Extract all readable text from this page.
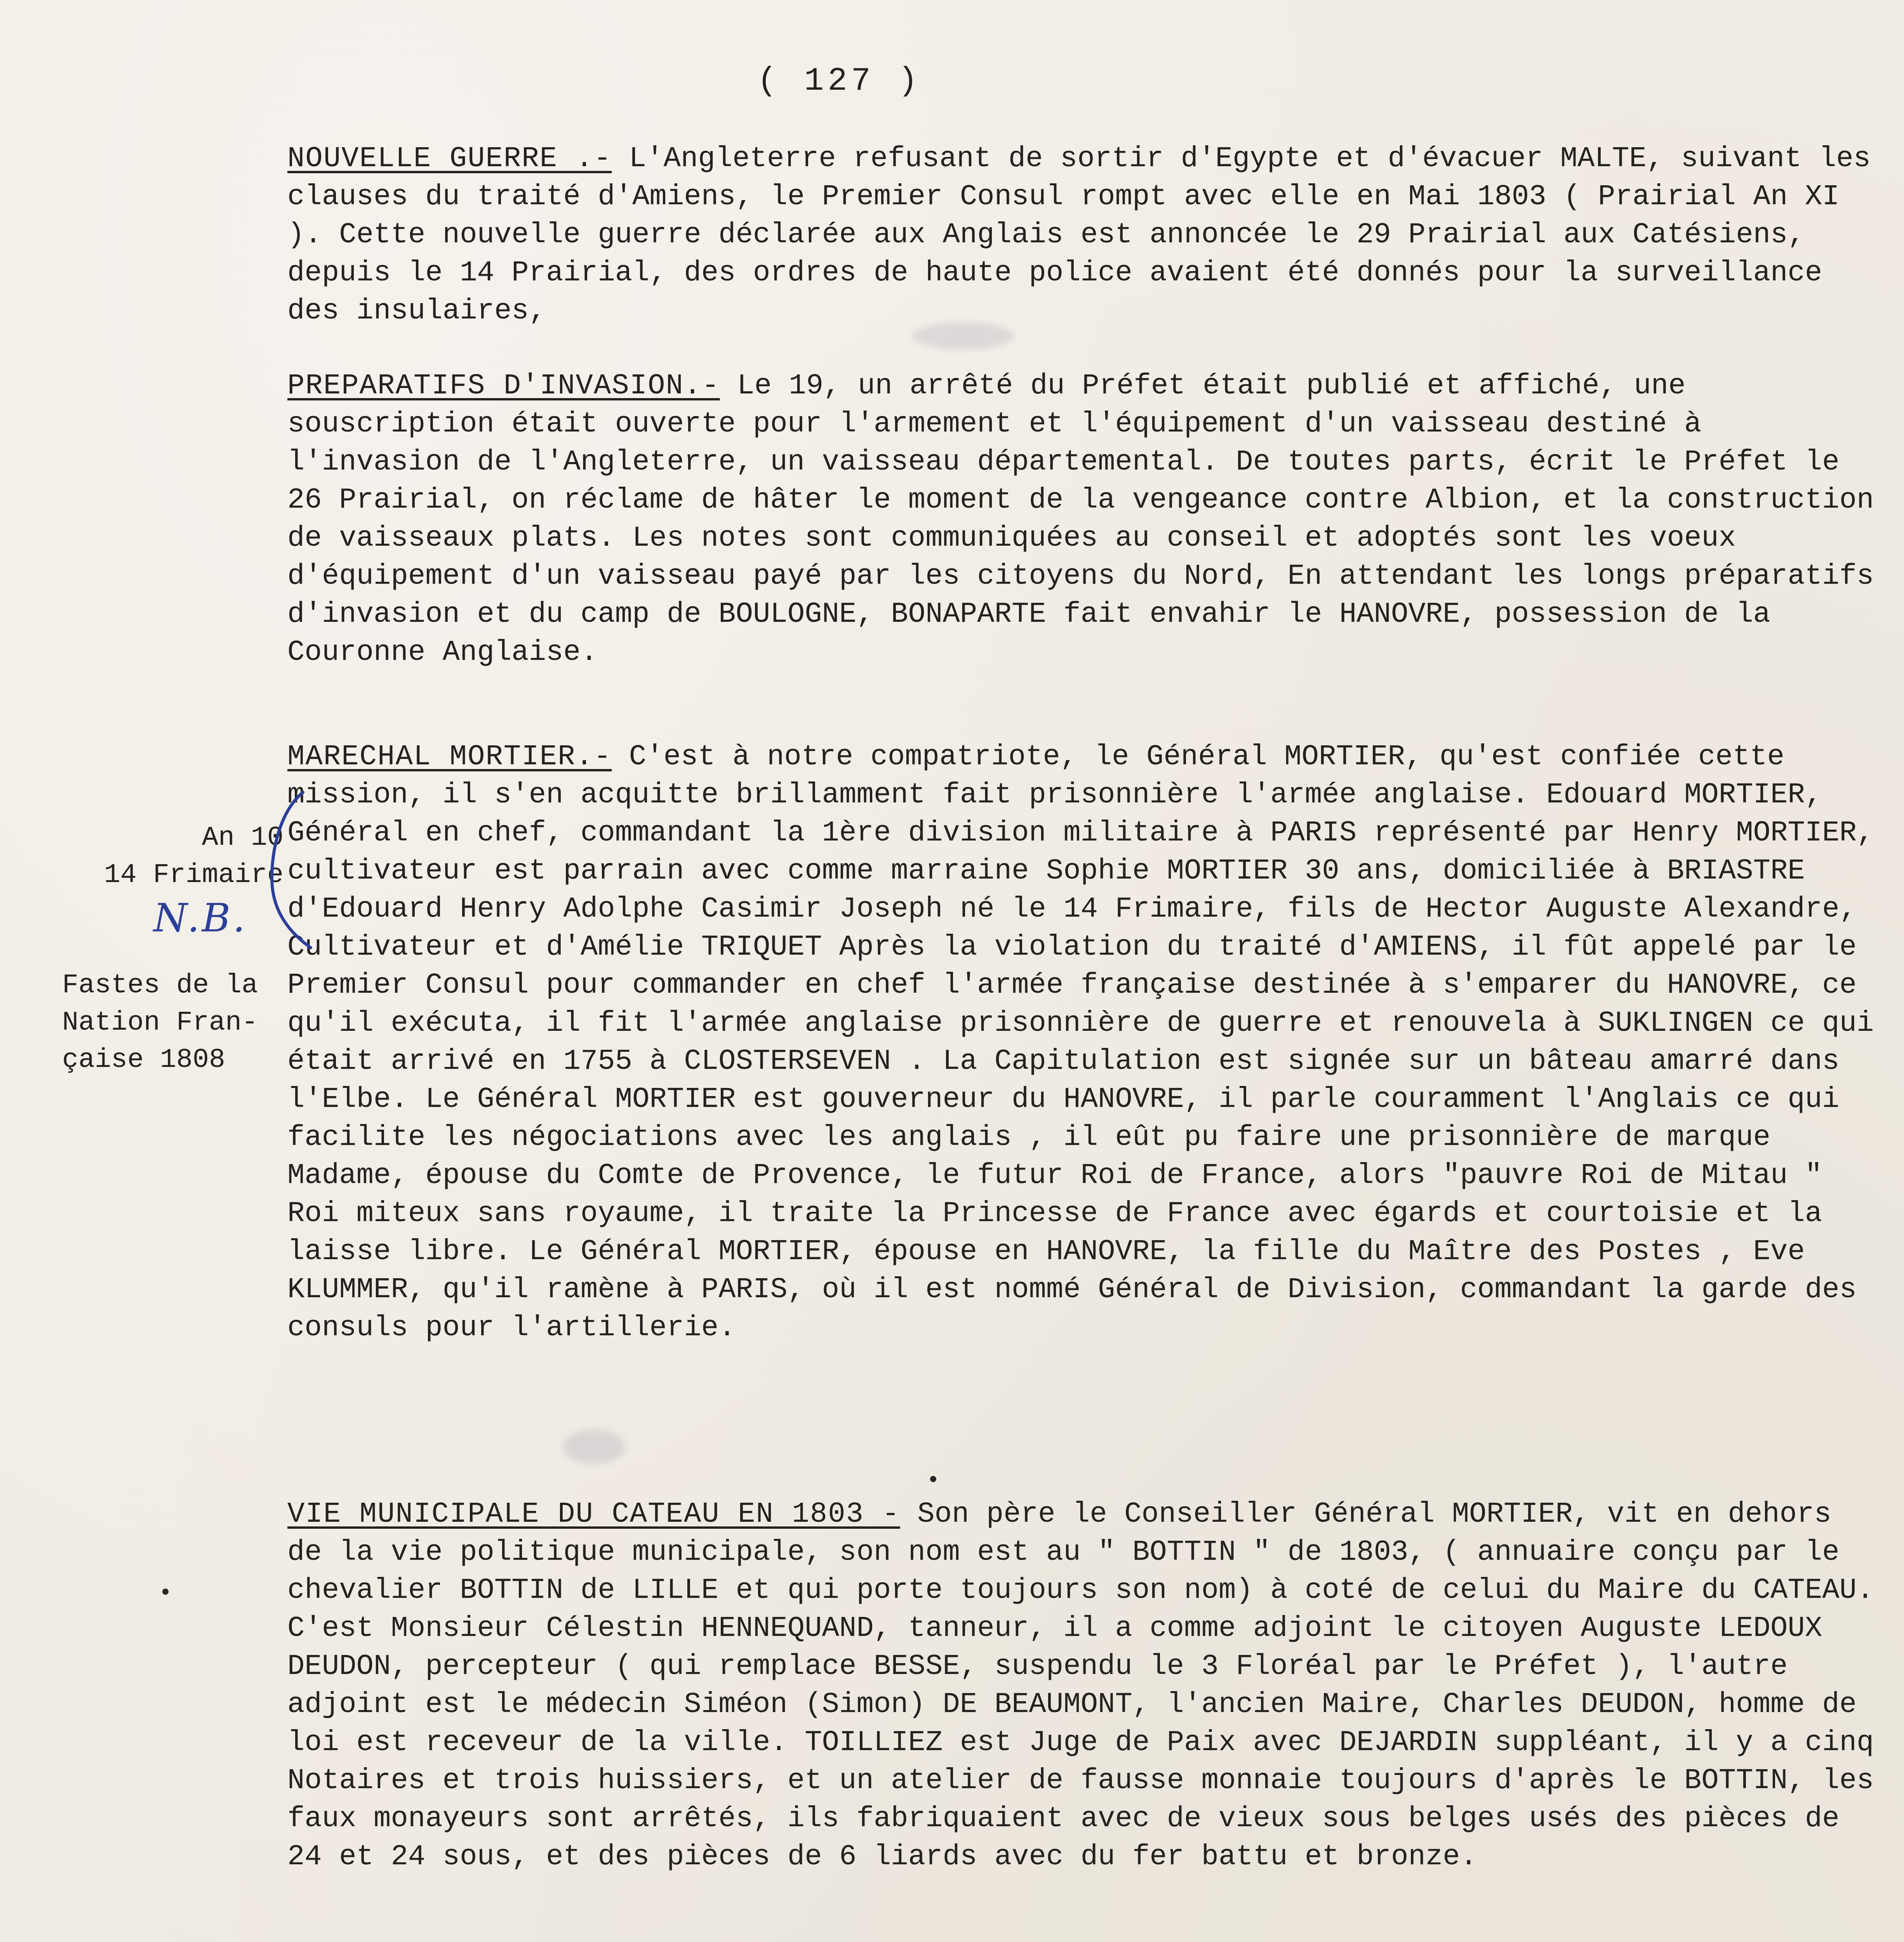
( 127 )
NOUVELLE GUERRE .- L'Angleterre refusant de sortir d'Egypte et d'évacuer MALTE, suivant les clauses du traité d'Amiens, le Premier Consul rompt avec elle en Mai 1803 ( Prairial An XI ). Cette nouvelle guerre déclarée aux Anglais est annoncée le 29 Prairial aux Catésiens, depuis le 14 Prairial, des ordres de haute police avaient été donnés pour la surveillance des insulaires,
PREPARATIFS D'INVASION.- Le 19, un arrêté du Préfet était publié et affiché, une souscription était ouverte pour l'armement et l'équipement d'un vaisseau destiné à l'invasion de l'Angleterre, un vaisseau départemental. De toutes parts, écrit le Préfet le 26 Prairial, on réclame de hâter le moment de la vengeance contre Albion, et la construction de vaisseaux plats. Les notes sont communiquées au conseil et adoptés sont les voeux d'équipement d'un vaisseau payé par les citoyens du Nord, En attendant les longs préparatifs d'invasion et du camp de BOULOGNE, BONAPARTE fait envahir le HANOVRE, possession de la Couronne Anglaise.
MARECHAL MORTIER.- C'est à notre compatriote, le Général MORTIER, qu'est confiée cette mission, il s'en acquitte brillamment fait prisonnière l'armée anglaise. Edouard MORTIER, Général en chef, commandant la 1ère division militaire à PARIS représenté par Henry MORTIER, cultivateur est parrain avec comme marraine Sophie MORTIER 30 ans, domiciliée à BRIASTRE d'Edouard Henry Adolphe Casimir Joseph né le 14 Frimaire, fils de Hector Auguste Alexandre, Cultivateur et d'Amélie TRIQUET Après la violation du traité d'AMIENS, il fût appelé par le Premier Consul pour commander en chef l'armée française destinée à s'emparer du HANOVRE, ce qu'il exécuta, il fit l'armée anglaise prisonnière de guerre et renouvela à SUKLINGEN ce qui était arrivé en 1755 à CLOSTERSEVEN . La Capitulation est signée sur un bâteau amarré dans l'Elbe. Le Général MORTIER est gouverneur du HANOVRE, il parle couramment l'Anglais ce qui facilite les négociations avec les anglais , il eût pu faire une prisonnière de marque Madame, épouse du Comte de Provence, le futur Roi de France, alors "pauvre Roi de Mitau " Roi miteux sans royaume, il traite la Princesse de France avec égards et courtoisie et la laisse libre. Le Général MORTIER, épouse en HANOVRE, la fille du Maître des Postes , Eve KLUMMER, qu'il ramène à PARIS, où il est nommé Général de Division, commandant la garde des consuls pour l'artillerie.
VIE MUNICIPALE DU CATEAU EN 1803 - Son père le Conseiller Général MORTIER, vit en dehors de la vie politique municipale, son nom est au " BOTTIN " de 1803, ( annuaire conçu par le chevalier BOTTIN de LILLE et qui porte toujours son nom) à coté de celui du Maire du CATEAU. C'est Monsieur Célestin HENNEQUAND, tanneur, il a comme adjoint le citoyen Auguste LEDOUX DEUDON, percepteur ( qui remplace BESSE, suspendu le 3 Floréal par le Préfet ), l'autre adjoint est le médecin Siméon (Simon) DE BEAUMONT, l'ancien Maire, Charles DEUDON, homme de loi est receveur de la ville. TOILLIEZ est Juge de Paix avec DEJARDIN suppléant, il y a cinq Notaires et trois huissiers, et un atelier de fausse monnaie toujours d'après le BOTTIN, les faux monayeurs sont arrêtés, ils fabriquaient avec de vieux sous belges usés des pièces de 24 et 24 sous, et des pièces de 6 liards avec du fer battu et bronze.
An 10
14 Frimaire
N.B.
Fastes de la
Nation Fran-
çaise 1808
